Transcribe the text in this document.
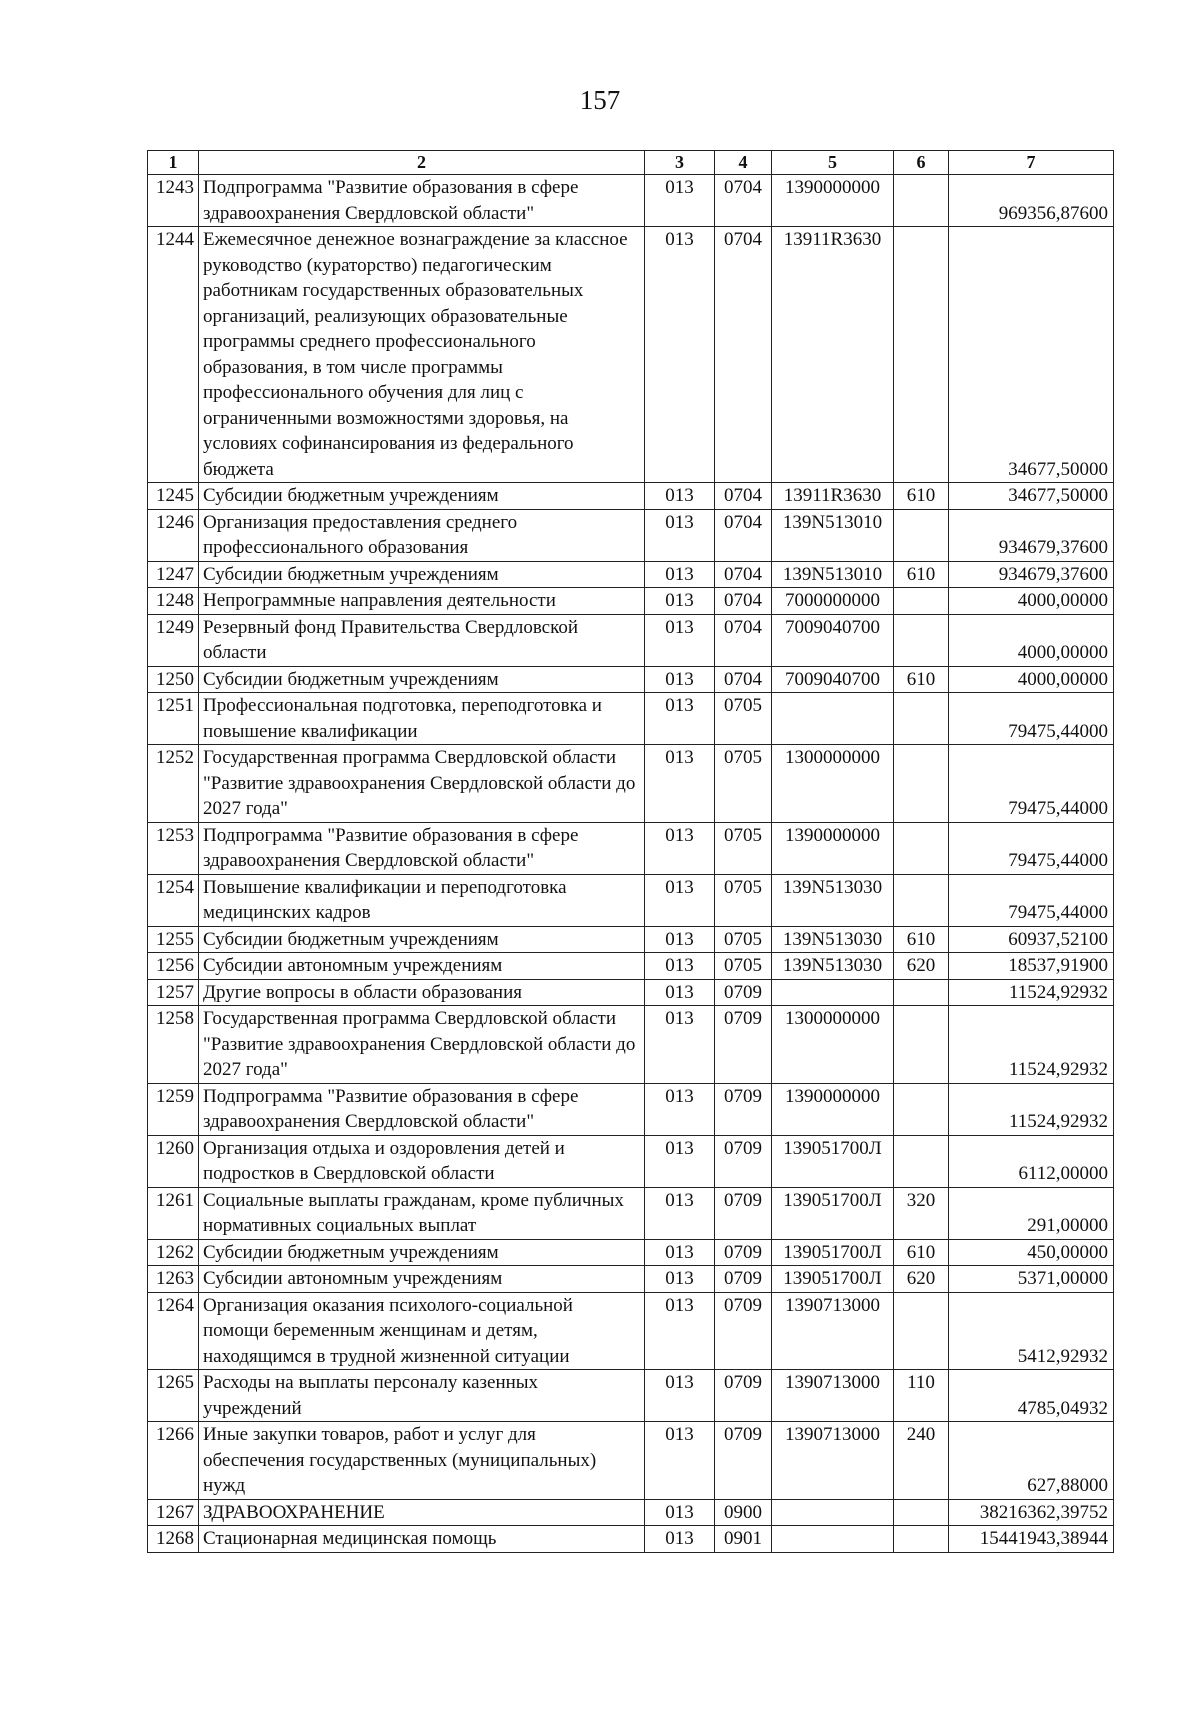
157
1	2	3	4	5	6	7
1243	Подпрограмма "Развитие образования в сфере здравоохранения Свердловской области"	013	0704	1390000000		969356,87600
1244	Ежемесячное денежное вознаграждение за классное руководство (кураторство) педагогическим работникам государственных образовательных организаций, реализующих образовательные программы среднего профессионального образования, в том числе программы профессионального обучения для лиц с ограниченными возможностями здоровья, на условиях софинансирования из федерального бюджета	013	0704	13911R3630		34677,50000
1245	Субсидии бюджетным учреждениям	013	0704	13911R3630	610	34677,50000
1246	Организация предоставления среднего профессионального образования	013	0704	139N513010		934679,37600
1247	Субсидии бюджетным учреждениям	013	0704	139N513010	610	934679,37600
1248	Непрограммные направления деятельности	013	0704	7000000000		4000,00000
1249	Резервный фонд Правительства Свердловской области	013	0704	7009040700		4000,00000
1250	Субсидии бюджетным учреждениям	013	0704	7009040700	610	4000,00000
1251	Профессиональная подготовка, переподготовка и повышение квалификации	013	0705			79475,44000
1252	Государственная программа Свердловской области "Развитие здравоохранения Свердловской области до 2027 года"	013	0705	1300000000		79475,44000
1253	Подпрограмма "Развитие образования в сфере здравоохранения Свердловской области"	013	0705	1390000000		79475,44000
1254	Повышение квалификации и переподготовка медицинских кадров	013	0705	139N513030		79475,44000
1255	Субсидии бюджетным учреждениям	013	0705	139N513030	610	60937,52100
1256	Субсидии автономным учреждениям	013	0705	139N513030	620	18537,91900
1257	Другие вопросы в области образования	013	0709			11524,92932
1258	Государственная программа Свердловской области "Развитие здравоохранения Свердловской области до 2027 года"	013	0709	1300000000		11524,92932
1259	Подпрограмма "Развитие образования в сфере здравоохранения Свердловской области"	013	0709	1390000000		11524,92932
1260	Организация отдыха и оздоровления детей и подростков в Свердловской области	013	0709	139051700Л		6112,00000
1261	Социальные выплаты гражданам, кроме публичных нормативных социальных выплат	013	0709	139051700Л	320	291,00000
1262	Субсидии бюджетным учреждениям	013	0709	139051700Л	610	450,00000
1263	Субсидии автономным учреждениям	013	0709	139051700Л	620	5371,00000
1264	Организация оказания психолого-социальной помощи беременным женщинам и детям, находящимся в трудной жизненной ситуации	013	0709	1390713000		5412,92932
1265	Расходы на выплаты персоналу казенных учреждений	013	0709	1390713000	110	4785,04932
1266	Иные закупки товаров, работ и услуг для обеспечения государственных (муниципальных) нужд	013	0709	1390713000	240	627,88000
1267	ЗДРАВООХРАНЕНИЕ	013	0900			38216362,39752
1268	Стационарная медицинская помощь	013	0901			15441943,38944
